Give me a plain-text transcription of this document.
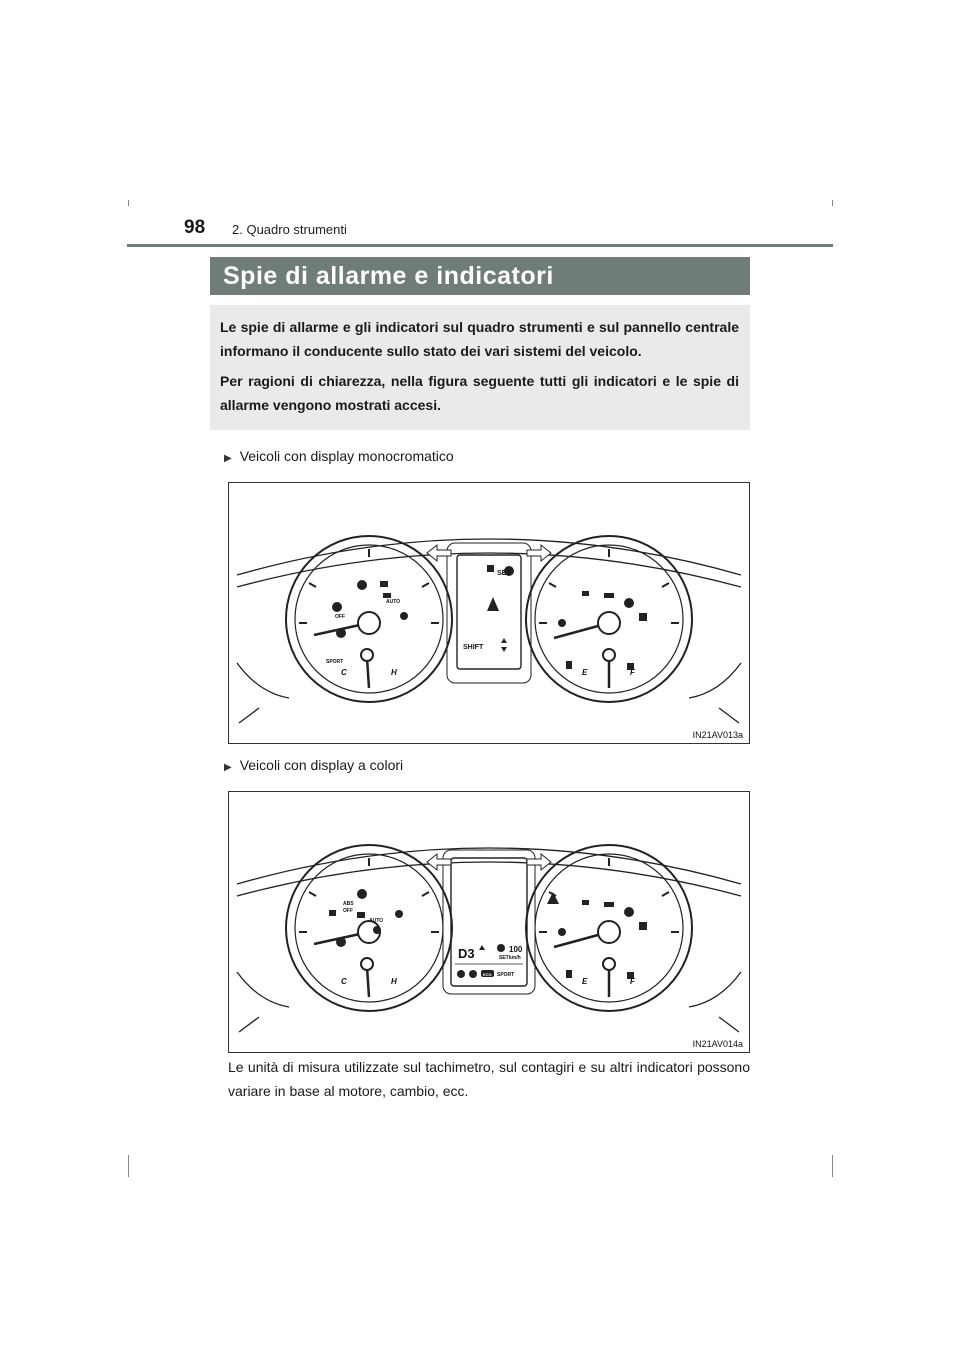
98 2. Quadro strumenti
Spie di allarme e indicatori

Le spie di allarme e gli indicatori sul quadro strumenti e sul pannello centrale informano il conducente sullo stato dei vari sistemi del veicolo.

Per ragioni di chiarezza, nella figura seguente tutti gli indicatori e le spie di allarme vengono mostrati accesi.

▶ Veicoli con display monocromatico
SET
SHIFT
C	H
SPORT
AUTO
OFF
E	F
IN21AV013a
▶ Veicoli con display a colori
D3	SET
100
km/h
ECO SPORT
C	H
ABS
AUTO
OFF
E	F
IN21AV014a
Le unità di misura utilizzate sul tachimetro, sul contagiri e su altri indicatori possono variare in base al motore, cambio, ecc.
